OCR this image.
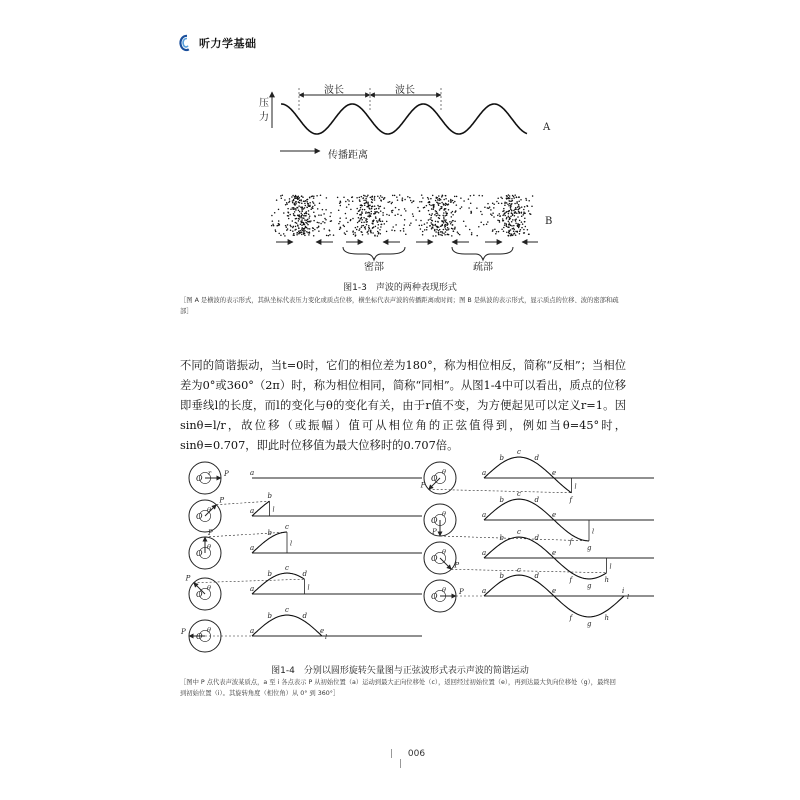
听力学基础
压
力
波长	波长
A
传播距离
B
密部	疏部
图1-3　声波的两种表现形式
［图 A 是横波的表示形式，其纵坐标代表压力变化或质点位移，横坐标代表声波的传播距离或时间；图 B 是纵波的表示形式，显示质点的位移、波的密部和疏部］

不同的简谐振动，当t=0时，它们的相位差为180°，称为相位相反，简称“反相”；当相位差为0°或360°（2π）时，称为相位相同，简称“同相”。从图1-4中可以看出，质点的位移即垂线l的长度，而l的变化与θ的变化有关，由于r值不变，为方便起见可以定义r=1。因sinθ=l/r，故位移（或振幅）值可从相位角的正弦值得到，例如当θ=45°时，sinθ=0.707，即此时位移值为最大位移时的0.707倍。

O	P
r	a
O
P
θ	l
a
b
O
P
θ	l
a
b
c
O
P
θ	l
a
b
c
d
O
P	θ
l
a
b
c
d
e
O
P
θ
l
a
b
c
d
e
f
O
P
θ
l
a
b
c
d
e
f
g
O
P
θ
l
a
b
c
d
e
f
g
h
O	P
θ
l
a
b
c
d
e
f
g
h
i
图1-4　分别以圆形旋转矢量图与正弦波形式表示声波的简谐运动
［图中 P 点代表声波某质点，a 至 i 各点表示 P 从初始位置（a）运动到最大正向位移处（c），返回经过初始位置（e），再到达最大负向位移处（g），最终回到初始位置（i）。其旋转角度（相位角）从 0° 到 360°］
006
